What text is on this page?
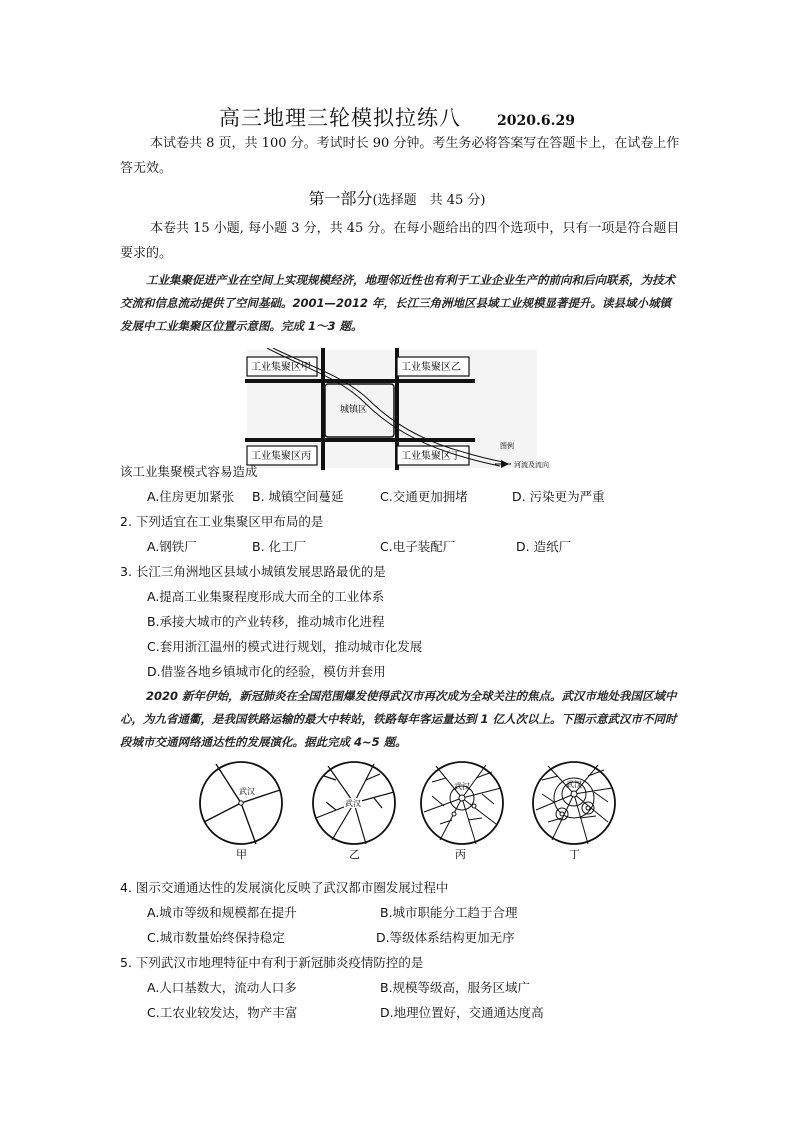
高三地理三轮模拟拉练八	2020.6.29
本试卷共 8 页，共 100 分。考试时长 90 分钟。考生务必将答案写在答题卡上，在试卷上作答无效。
第一部分(选择题　共 45 分)
本卷共 15 小题, 每小题 3 分，共 45 分。在每小题给出的四个选项中，只有一项是符合题目要求的。
工业集聚促进产业在空间上实现规模经济，地理邻近性也有利于工业企业生产的前向和后向联系，为技术交流和信息流动提供了空间基础。2001—2012 年，长江三角洲地区县域工业规模显著提升。读县域小城镇发展中工业集聚区位置示意图。完成 1～3 题。
城镇区
工业集聚区甲	工业集聚区乙
工业集聚区丙	工业集聚区丁
图例
河流及流向
该工业集聚模式容易造成
A.住房更加紧张 B. 城镇空间蔓延	C.交通更加拥堵	D. 污染更为严重
2. 下列适宜在工业集聚区甲布局的是
A.钢铁厂	B. 化工厂	C.电子装配厂	D. 造纸厂
3. 长江三角洲地区县域小城镇发展思路最优的是
A.提高工业集聚程度形成大而全的工业体系
B.承接大城市的产业转移，推动城市化进程
C.套用浙江温州的模式进行规划，推动城市化发展
D.借鉴各地乡镇城市化的经验，模仿并套用
2020 新年伊始，新冠肺炎在全国范围爆发使得武汉市再次成为全球关注的焦点。武汉市地处我国区域中心，为九省通衢，是我国铁路运输的最大中转站，铁路每年客运量达到 1 亿人次以上。下图示意武汉市不同时段城市交通网络通达性的发展演化。据此完成 4~5 题。
武汉
甲
武汉
乙
武汉
丙
武汉
丁
4. 图示交通通达性的发展演化反映了武汉都市圈发展过程中
A.城市等级和规模都在提升	B.城市职能分工趋于合理
C.城市数量始终保持稳定	D.等级体系结构更加无序
5. 下列武汉市地理特征中有利于新冠肺炎疫情防控的是
A.人口基数大，流动人口多	B.规模等级高，服务区域广
C.工农业较发达，物产丰富	D.地理位置好，交通通达度高
